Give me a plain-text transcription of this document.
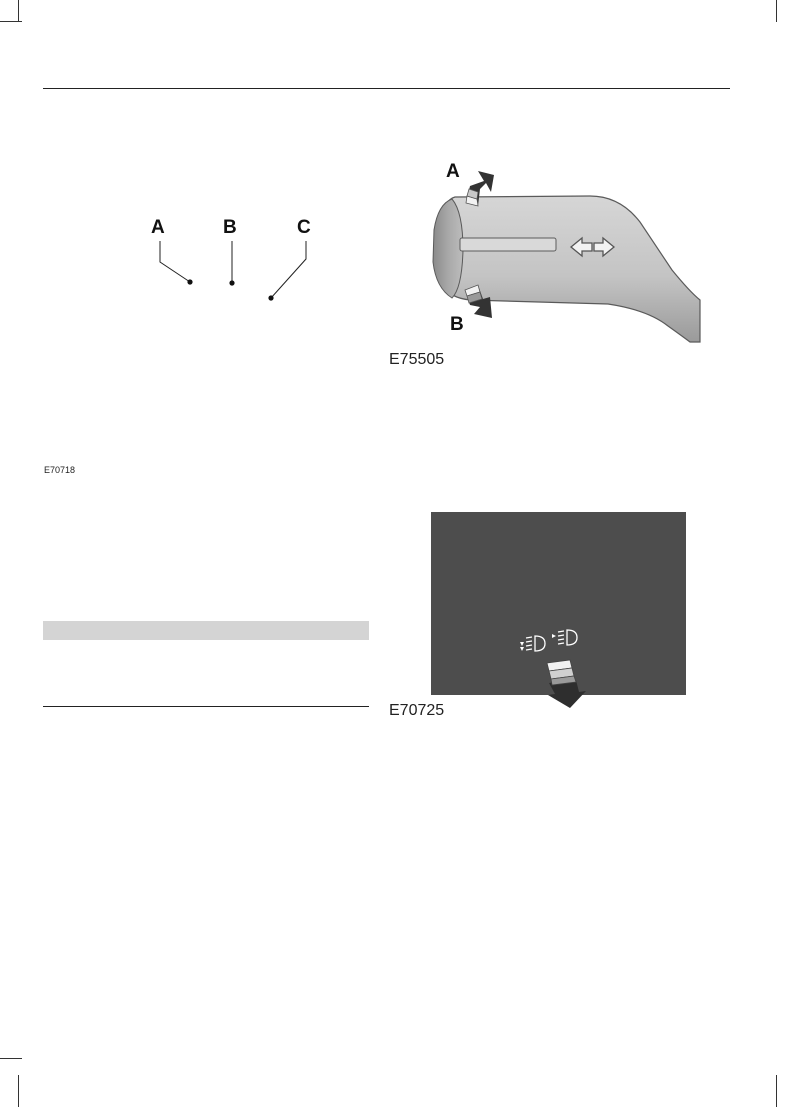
A	B	C
E70718
A
B
E75505
E70725
